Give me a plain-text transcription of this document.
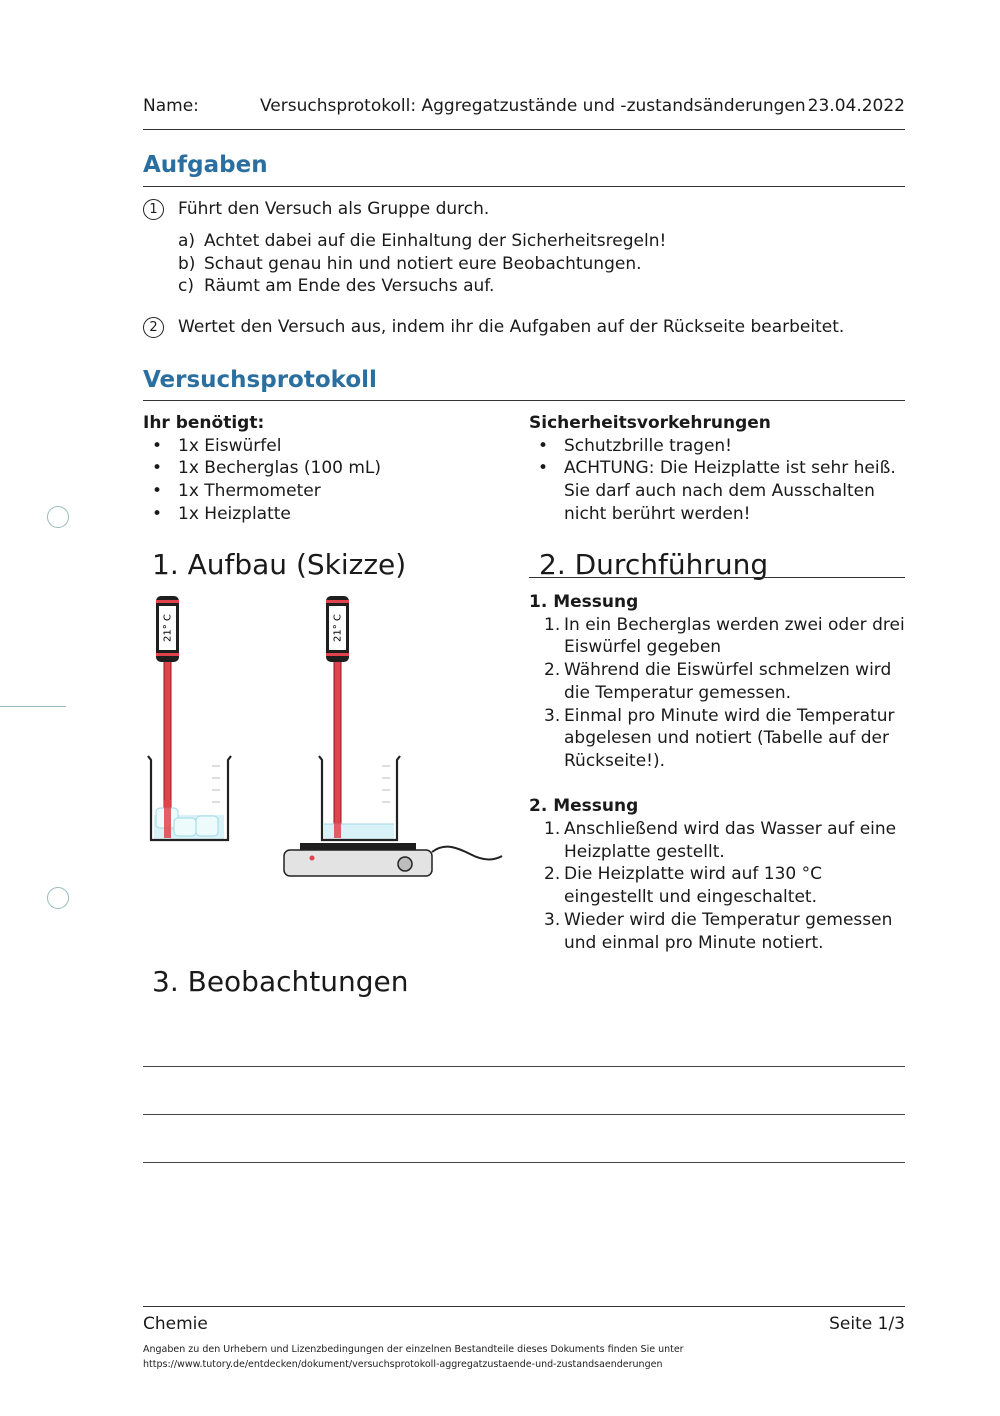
Name:	Versuchsprotokoll: Aggregatzustände und -zustandsänderungen 23.04.2022
Aufgaben
1	Führt den Versuch als Gruppe durch.
a) Achtet dabei auf die Einhaltung der Sicherheitsregeln!
b) Schaut genau hin und notiert eure Beobachtungen.
c) Räumt am Ende des Versuchs auf.
2	Wertet den Versuch aus, indem ihr die Aufgaben auf der Rückseite bearbeitet.
Versuchsprotokoll
Ihr benötigt:
• 1x Eiswürfel
• 1x Becherglas (100 mL)
• 1x Thermometer
• 1x Heizplatte
Sicherheitsvorkehrungen
• Schutzbrille tragen!
• ACHTUNG: Die Heizplatte ist sehr heiß. Sie darf auch nach dem Ausschalten nicht berührt werden!
1. Aufbau (Skizze)
21° C	21° C
2. Durchführung
1. Messung
1. In ein Becherglas werden zwei oder drei Eiswürfel gegeben
2. Während die Eiswürfel schmelzen wird die Temperatur gemessen.
3. Einmal pro Minute wird die Temperatur abgelesen und notiert (Tabelle auf der Rückseite!).
2. Messung
1. Anschließend wird das Wasser auf eine Heizplatte gestellt.
2. Die Heizplatte wird auf 130 °C eingestellt und eingeschaltet.
3. Wieder wird die Temperatur gemessen und einmal pro Minute notiert.
3. Beobachtungen
Chemie	Seite 1/3
Angaben zu den Urhebern und Lizenzbedingungen der einzelnen Bestandteile dieses Dokuments finden Sie unter
https://www.tutory.de/entdecken/dokument/versuchsprotokoll-aggregatzustaende-und-zustandsaenderungen
